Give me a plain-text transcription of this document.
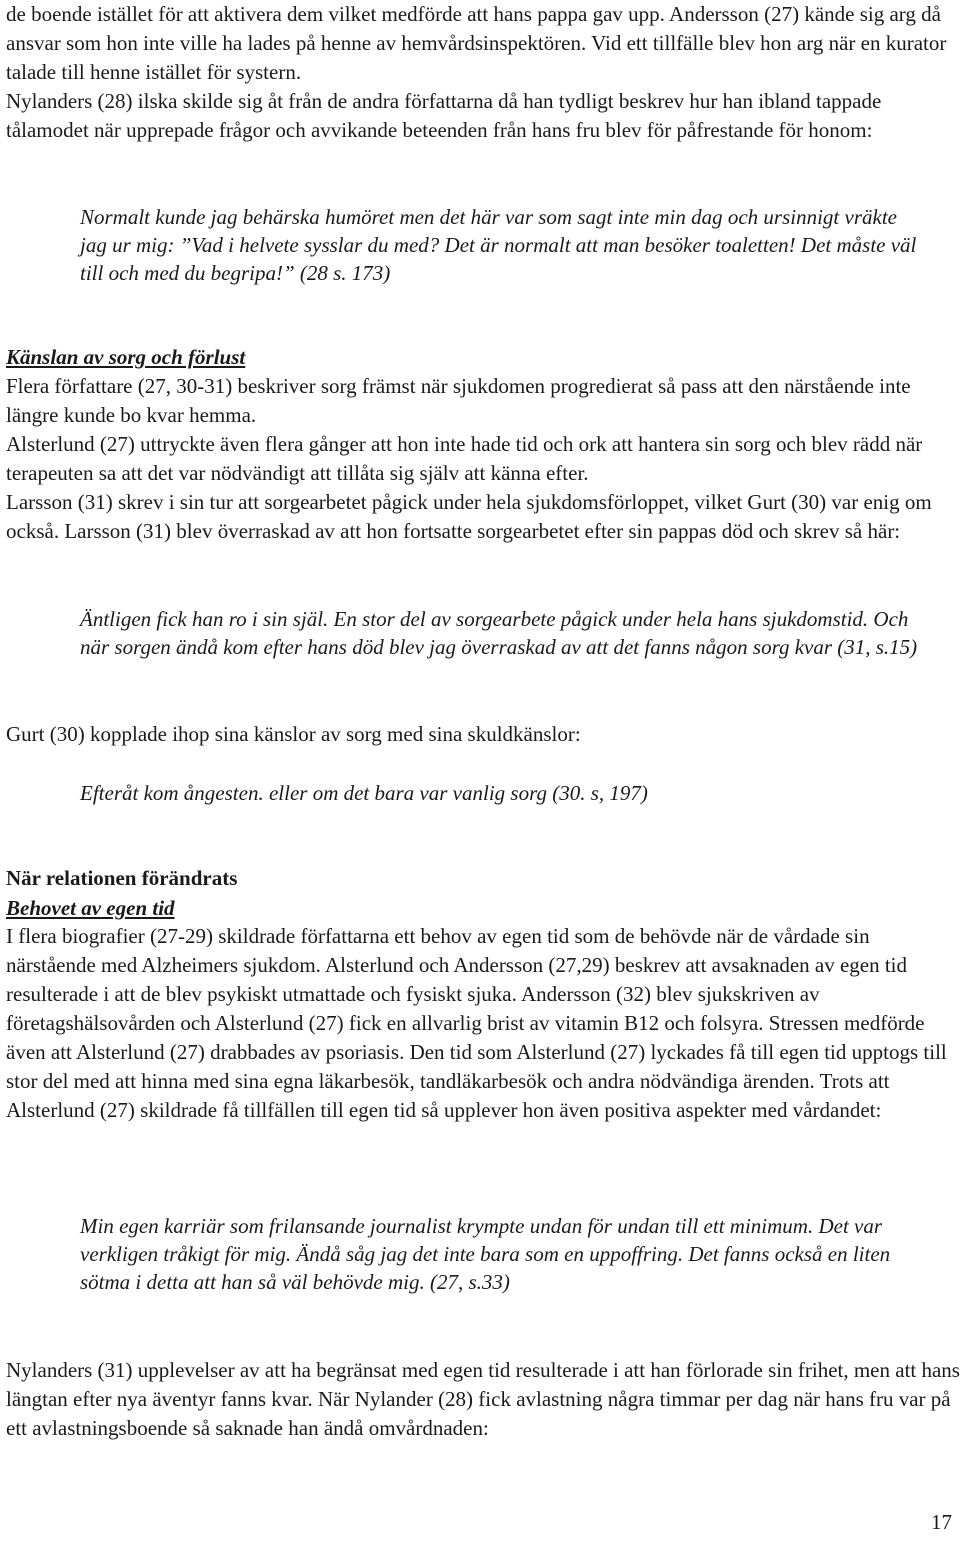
de boende istället för att aktivera dem vilket medförde att hans pappa gav upp. Andersson (27) kände sig arg då ansvar som hon inte ville ha lades på henne av hemvårdsinspektören. Vid ett tillfälle blev hon arg när en kurator talade till henne istället för systern.

Nylanders (28) ilska skilde sig åt från de andra författarna då han tydligt beskrev hur han ibland tappade tålamodet när upprepade frågor och avvikande beteenden från hans fru blev för påfrestande för honom:

Normalt kunde jag behärska humöret men det här var som sagt inte min dag och ursinnigt vräkte jag ur mig: ”Vad i helvete sysslar du med? Det är normalt att man besöker toaletten! Det måste väl till och med du begripa!” (28 s. 173)

Känslan av sorg och förlust

Flera författare (27, 30-31) beskriver sorg främst när sjukdomen progredierat så pass att den närstående inte längre kunde bo kvar hemma.

Alsterlund (27) uttryckte även flera gånger att hon inte hade tid och ork att hantera sin sorg och blev rädd när terapeuten sa att det var nödvändigt att tillåta sig själv att känna efter.

Larsson (31) skrev i sin tur att sorgearbetet pågick under hela sjukdomsförloppet, vilket Gurt (30) var enig om också. Larsson (31) blev överraskad av att hon fortsatte sorgearbetet efter sin pappas död och skrev så här:

Äntligen fick han ro i sin själ. En stor del av sorgearbete pågick under hela hans sjukdomstid. Och när sorgen ändå kom efter hans död blev jag överraskad av att det fanns någon sorg kvar (31, s.15)

Gurt (30) kopplade ihop sina känslor av sorg med sina skuldkänslor:

Efteråt kom ångesten. eller om det bara var vanlig sorg (30. s, 197)

När relationen förändrats

Behovet av egen tid

I flera biografier (27-29) skildrade författarna ett behov av egen tid som de behövde när de vårdade sin närstående med Alzheimers sjukdom. Alsterlund och Andersson (27,29) beskrev att avsaknaden av egen tid resulterade i att de blev psykiskt utmattade och fysiskt sjuka. Andersson (32) blev sjukskriven av företagshälsovården och Alsterlund (27) fick en allvarlig brist av vitamin B12 och folsyra. Stressen medförde även att Alsterlund (27) drabbades av psoriasis. Den tid som Alsterlund (27) lyckades få till egen tid upptogs till stor del med att hinna med sina egna läkarbesök, tandläkarbesök och andra nödvändiga ärenden. Trots att Alsterlund (27) skildrade få tillfällen till egen tid så upplever hon även positiva aspekter med vårdandet:

Min egen karriär som frilansande journalist krympte undan för undan till ett minimum. Det var verkligen tråkigt för mig. Ändå såg jag det inte bara som en uppoffring. Det fanns också en liten sötma i detta att han så väl behövde mig. (27, s.33)

Nylanders (31) upplevelser av att ha begränsat med egen tid resulterade i att han förlorade sin frihet, men att hans längtan efter nya äventyr fanns kvar. När Nylander (28) fick avlastning några timmar per dag när hans fru var på ett avlastningsboende så saknade han ändå omvårdnaden:

17
